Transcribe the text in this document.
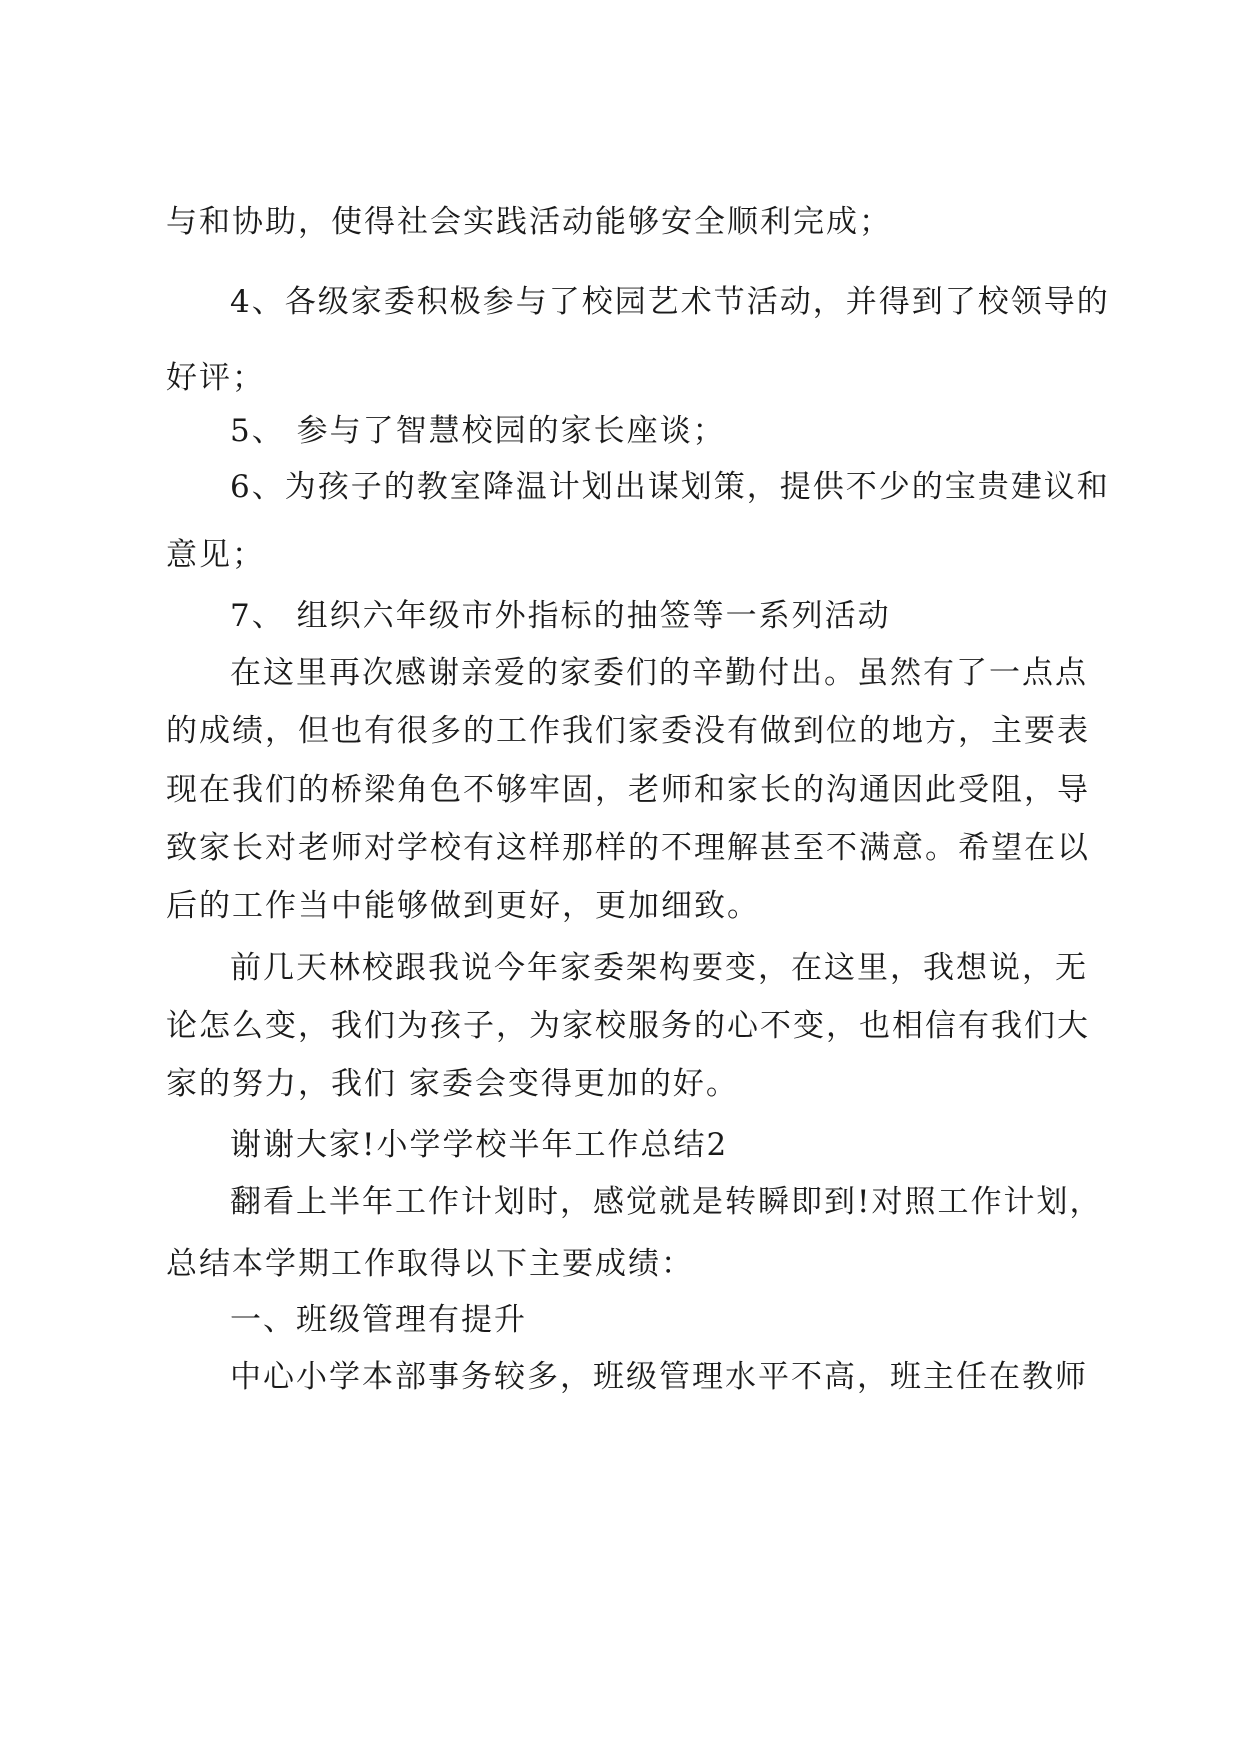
与和协助，使得社会实践活动能够安全顺利完成；
4、各级家委积极参与了校园艺术节活动，并得到了校领导的
好评；
5、 参与了智慧校园的家长座谈；
6、为孩子的教室降温计划出谋划策，提供不少的宝贵建议和
意见；
7、 组织六年级市外指标的抽签等一系列活动
在这里再次感谢亲爱的家委们的辛勤付出。虽然有了一点点
的成绩，但也有很多的工作我们家委没有做到位的地方，主要表
现在我们的桥梁角色不够牢固，老师和家长的沟通因此受阻，导
致家长对老师对学校有这样那样的不理解甚至不满意。希望在以
后的工作当中能够做到更好，更加细致。
前几天林校跟我说今年家委架构要变，在这里，我想说，无
论怎么变，我们为孩子，为家校服务的心不变，也相信有我们大
家的努力，我们 家委会变得更加的好。
谢谢大家!小学学校半年工作总结2
翻看上半年工作计划时，感觉就是转瞬即到!对照工作计划，
总结本学期工作取得以下主要成绩：
一、班级管理有提升
中心小学本部事务较多，班级管理水平不高，班主任在教师
